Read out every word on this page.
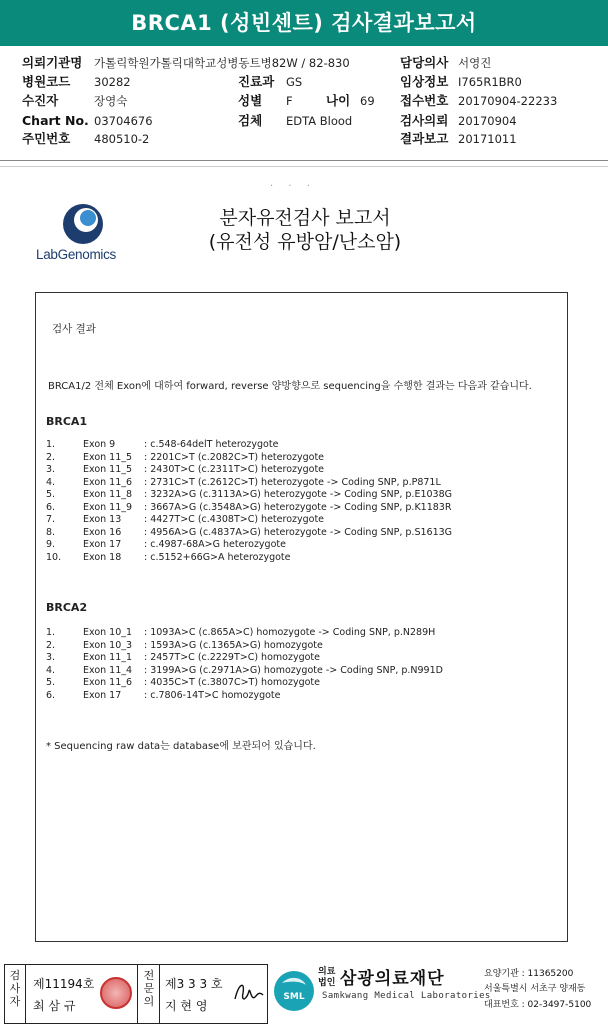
BRCA1 (성빈센트) 검사결과보고서
의뢰기관명 가톨릭학원가톨릭대학교성병동트병82W / 82-830	담당의사 서영진
병원코드 30282	진료과 GS	임상정보 I765R1BR0
수진자	장영숙	성별 F	나이 69 접수번호 20170904-22233
Chart No. 03704676	검체 EDTA Blood	검사의뢰 20170904
주민번호 480510-2	결과보고 20171011
. . .
LabGenomics
분자유전검사 보고서
(유전성 유방암/난소암)
검사 결과
BRCA1/2 전체 Exon에 대하여 forward, reverse 양방향으로 sequencing을 수행한 결과는 다음과 같습니다.
BRCA1
1.	Exon 9	: c.548-64delT heterozygote
2.	Exon 11_5	: 2201C>T (c.2082C>T) heterozygote
3.	Exon 11_5	: 2430T>C (c.2311T>C) heterozygote
4.	Exon 11_6	: 2731C>T (c.2612C>T) heterozygote -> Coding SNP, p.P871L
5.	Exon 11_8	: 3232A>G (c.3113A>G) heterozygote -> Coding SNP, p.E1038G
6.	Exon 11_9	: 3667A>G (c.3548A>G) heterozygote -> Coding SNP, p.K1183R
7.	Exon 13	: 4427T>C (c.4308T>C) heterozygote
8.	Exon 16	: 4956A>G (c.4837A>G) heterozygote -> Coding SNP, p.S1613G
9.	Exon 17	: c.4987-68A>G heterozygote
10.	Exon 18	: c.5152+66G>A heterozygote
BRCA2
1.	Exon 10_1	: 1093A>C (c.865A>C) homozygote -> Coding SNP, p.N289H
2.	Exon 10_3	: 1593A>G (c.1365A>G) homozygote
3.	Exon 11_1	: 2457T>C (c.2229T>C) homozygote
4.	Exon 11_4	: 3199A>G (c.2971A>G) homozygote -> Coding SNP, p.N991D
5.	Exon 11_6	: 4035C>T (c.3807C>T) homozygote
6.	Exon 17	: c.7806-14T>C homozygote
* Sequencing raw data는 database에 보관되어 있습니다.
검사자
제11194호
최 삼 규
전문의
제3 3 3 호
지 현 영
SML
의료
법인 삼광의료재단
Samkwang Medical Laboratories
요양기관 : 11365200
서울특별시 서초구 양재동
대표번호 : 02-3497-5100
